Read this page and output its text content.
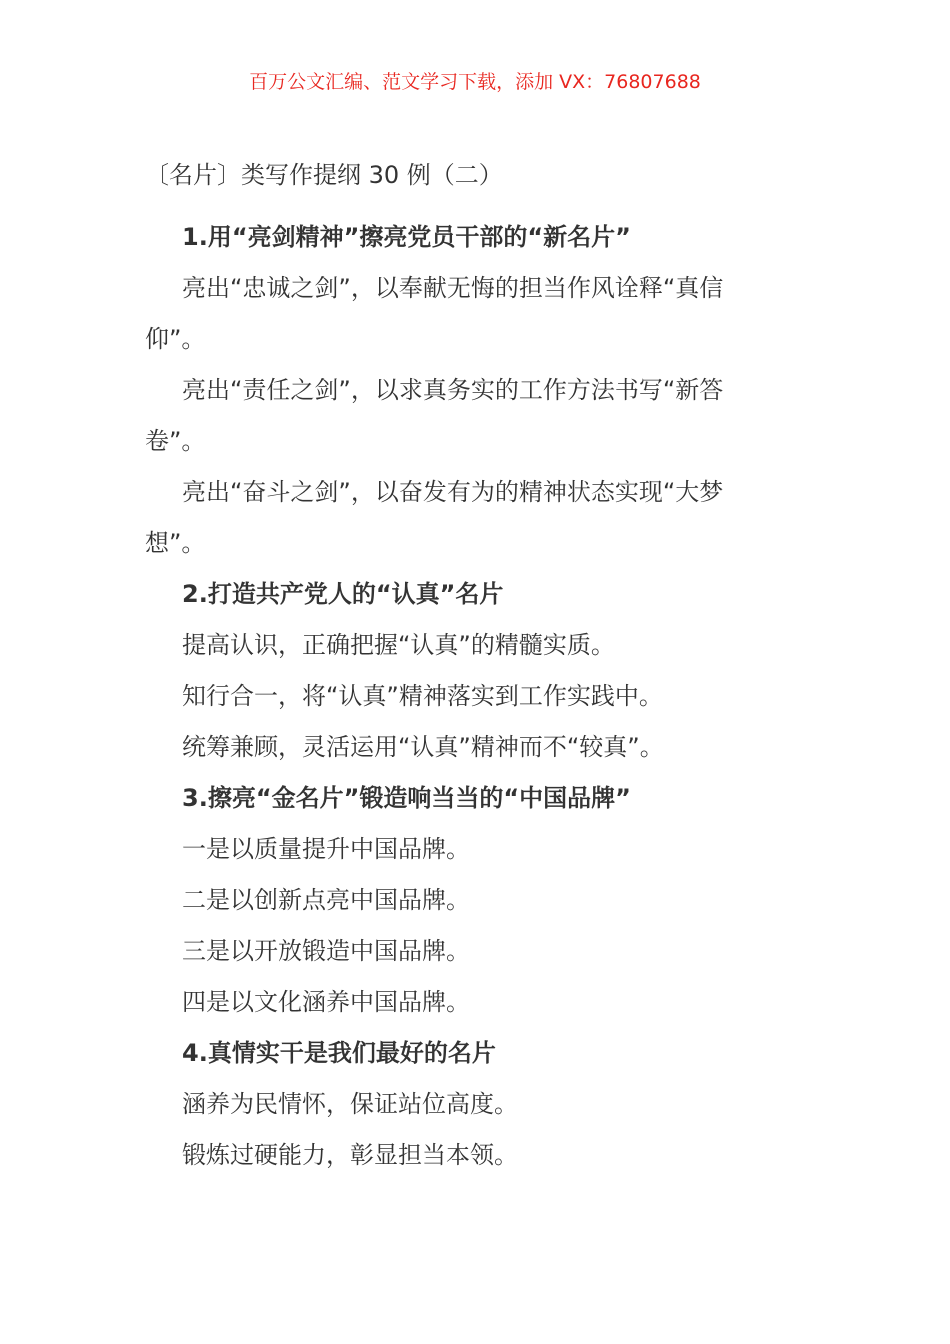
百万公文汇编、范文学习下载，添加 VX：76807688
〔名片〕类写作提纲 30 例（二）
1.用“亮剑精神”擦亮党员干部的“新名片”
亮出“忠诚之剑”，以奉献无悔的担当作风诠释“真信
仰”。
亮出“责任之剑”，以求真务实的工作方法书写“新答
卷”。
亮出“奋斗之剑”，以奋发有为的精神状态实现“大梦
想”。
2.打造共产党人的“认真”名片
提高认识，正确把握“认真”的精髓实质。
知行合一，将“认真”精神落实到工作实践中。
统筹兼顾，灵活运用“认真”精神而不“较真”。
3.擦亮“金名片”锻造响当当的“中国品牌”
一是以质量提升中国品牌。
二是以创新点亮中国品牌。
三是以开放锻造中国品牌。
四是以文化涵养中国品牌。
4.真情实干是我们最好的名片
涵养为民情怀，保证站位高度。
锻炼过硬能力，彰显担当本领。
